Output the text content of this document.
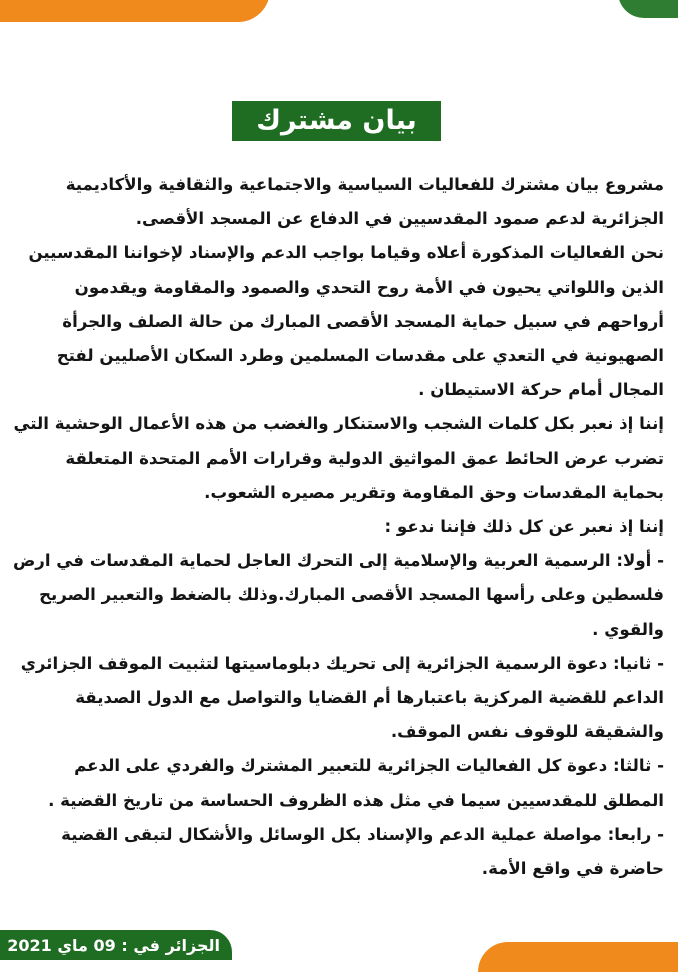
بيان مشترك

مشروع بيان مشترك للفعاليات السياسية والاجتماعية والثقافية والأكاديمية الجزائرية لدعم صمود المقدسيين في الدفاع عن المسجد الأقصى.

نحن الفعاليات المذكورة أعلاه وقياما بواجب الدعم والإسناد لإخواننا المقدسيين الذين واللواتي يحيون في الأمة روح التحدي والصمود والمقاومة ويقدمون أرواحهم في سبيل حماية المسجد الأقصى المبارك من حالة الصلف والجرأة الصهيونية في التعدي على مقدسات المسلمين وطرد السكان الأصليين لفتح المجال أمام حركة الاستيطان .

إننا إذ نعبر بكل كلمات الشجب والاستنكار والغضب من هذه الأعمال الوحشية التي تضرب عرض الحائط عمق المواثيق الدولية وقرارات الأمم المتحدة المتعلقة بحماية المقدسات وحق المقاومة وتقرير مصيره الشعوب.

إننا إذ نعبر عن كل ذلك فإننا ندعو :

- أولا: الرسمية العربية والإسلامية إلى التحرك العاجل لحماية المقدسات في ارض فلسطين وعلى رأسها المسجد الأقصى المبارك.وذلك بالضغط والتعبير الصريح والقوي .

- ثانيا: دعوة الرسمية الجزائرية إلى تحريك دبلوماسيتها لتثبيت الموقف الجزائري الداعم للقضية المركزية باعتبارها أم القضايا والتواصل مع الدول الصديقة والشقيقة للوقوف نفس الموقف.

- ثالثا: دعوة كل الفعاليات الجزائرية للتعبير المشترك والفردي على الدعم المطلق للمقدسيين سيما في مثل هذه الظروف الحساسة من تاريخ القضية .

- رابعا: مواصلة عملية الدعم والإسناد بكل الوسائل والأشكال لتبقى القضية حاضرة في واقع الأمة.

الجزائر في : 09 ماي 2021
